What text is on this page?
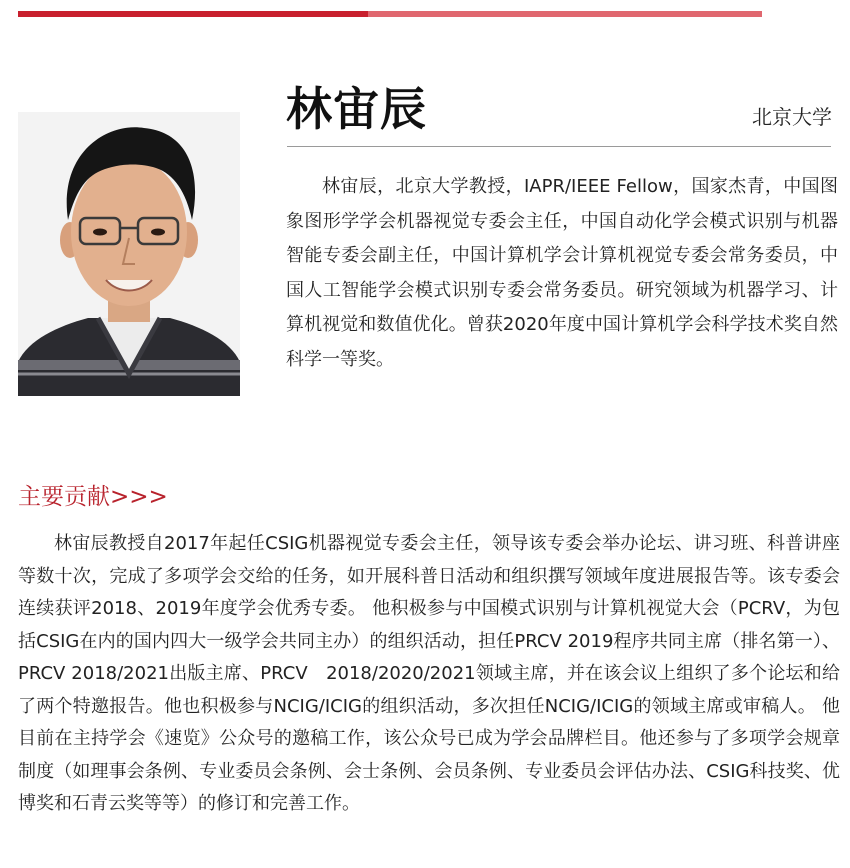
林宙辰	北京大学

林宙辰，北京大学教授，IAPR/IEEE Fellow，国家杰青，中国图象图形学学会机器视觉专委会主任，中国自动化学会模式识别与机器智能专委会副主任，中国计算机学会计算机视觉专委会常务委员，中国人工智能学会模式识别专委会常务委员。研究领域为机器学习、计算机视觉和数值优化。曾获2020年度中国计算机学会科学技术奖自然科学一等奖。

主要贡献>>>

林宙辰教授自2017年起任CSIG机器视觉专委会主任，领导该专委会举办论坛、讲习班、科普讲座等数十次，完成了多项学会交给的任务，如开展科普日活动和组织撰写领域年度进展报告等。该专委会连续获评2018、2019年度学会优秀专委。 他积极参与中国模式识别与计算机视觉大会（PCRV，为包括CSIG在内的国内四大一级学会共同主办）的组织活动，担任PRCV 2019程序共同主席（排名第一）、PRCV 2018/2021出版主席、PRCV　2018/2020/2021领域主席，并在该会议上组织了多个论坛和给了两个特邀报告。他也积极参与NCIG/ICIG的组织活动，多次担任NCIG/ICIG的领域主席或审稿人。 他目前在主持学会《速览》公众号的邀稿工作，该公众号已成为学会品牌栏目。他还参与了多项学会规章制度（如理事会条例、专业委员会条例、会士条例、会员条例、专业委员会评估办法、CSIG科技奖、优博奖和石青云奖等等）的修订和完善工作。
